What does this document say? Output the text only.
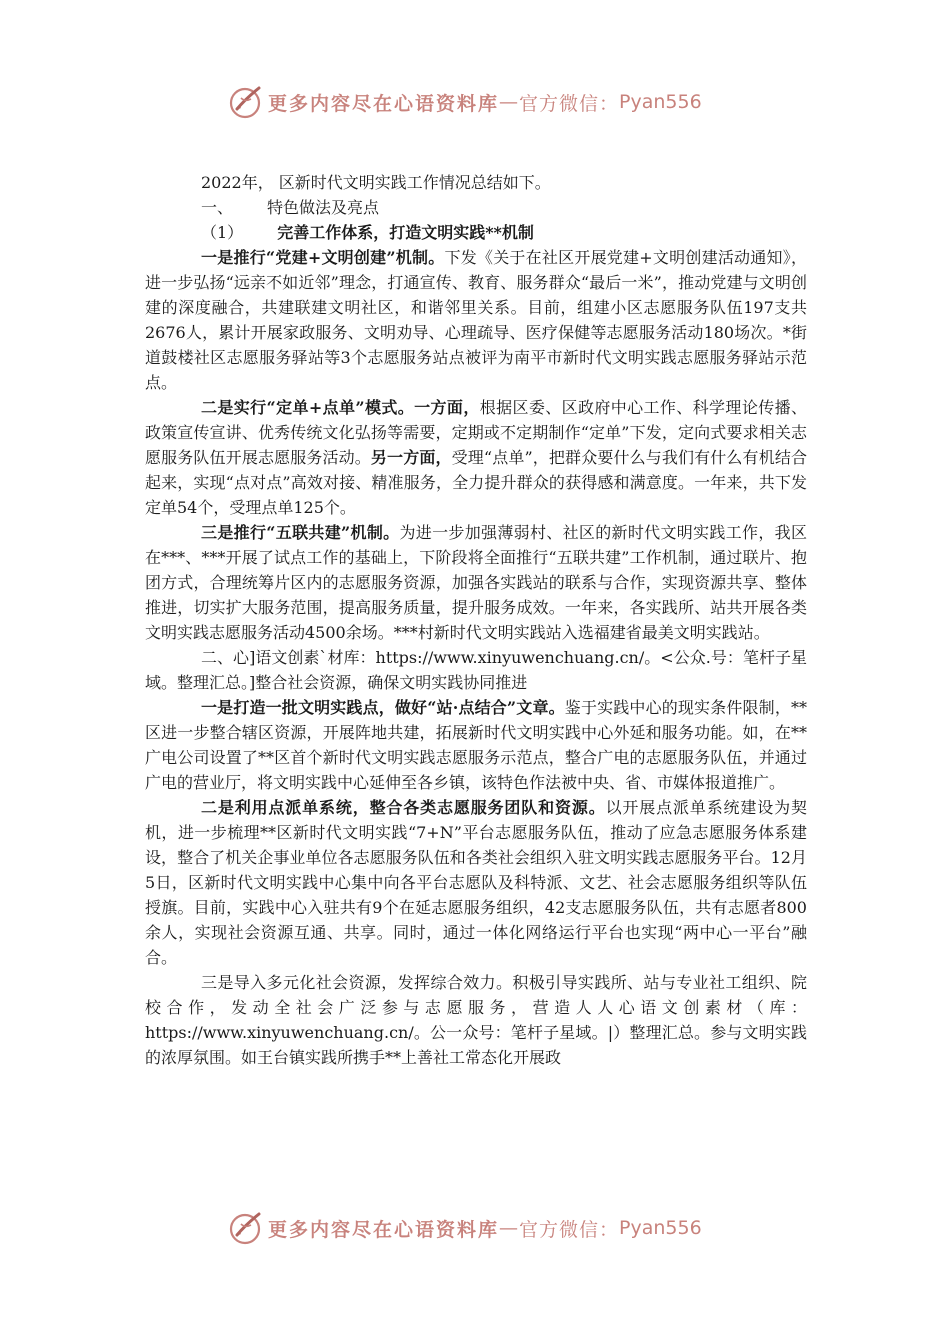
更多内容尽在心语资料库 — 官方微信： Pyan556

2022年， 区新时代文明实践工作情况总结如下。

一、 特色做法及亮点

（1） 完善工作体系，打造文明实践**机制

一是推行“党建+文明创建”机制。下发《关于在社区开展党建+文明创建活动通知》，进一步弘扬“远亲不如近邻”理念，打通宣传、教育、服务群众“最后一米”，推动党建与文明创建的深度融合，共建联建文明社区，和谐邻里关系。目前，组建小区志愿服务队伍197支共2676人，累计开展家政服务、文明劝导、心理疏导、医疗保健等志愿服务活动180场次。*街道鼓楼社区志愿服务驿站等3个志愿服务站点被评为南平市新时代文明实践志愿服务驿站示范点。

二是实行“定单+点单”模式。一方面，根据区委、区政府中心工作、科学理论传播、政策宣传宣讲、优秀传统文化弘扬等需要，定期或不定期制作“定单”下发，定向式要求相关志愿服务队伍开展志愿服务活动。另一方面，受理“点单”，把群众要什么与我们有什么有机结合起来，实现“点对点”高效对接、精准服务，全力提升群众的获得感和满意度。一年来，共下发定单54个，受理点单125个。

三是推行“五联共建”机制。为进一步加强薄弱村、社区的新时代文明实践工作，我区在***、***开展了试点工作的基础上，下阶段将全面推行“五联共建”工作机制，通过联片、抱团方式，合理统筹片区内的志愿服务资源，加强各实践站的联系与合作，实现资源共享、整体推进，切实扩大服务范围，提高服务质量，提升服务成效。一年来，各实践所、站共开展各类文明实践志愿服务活动4500余场。***村新时代文明实践站入选福建省最美文明实践站。

二、心]语文创素`材库：https://www.xinyuwenchuang.cn/。<公众.号：笔杆子星域。整理汇总。]整合社会资源，确保文明实践协同推进

一是打造一批文明实践点，做好“站·点结合”文章。鉴于实践中心的现实条件限制，**区进一步整合辖区资源，开展阵地共建，拓展新时代文明实践中心外延和服务功能。如，在**广电公司设置了**区首个新时代文明实践志愿服务示范点，整合广电的志愿服务队伍，并通过广电的营业厅，将文明实践中心延伸至各乡镇，该特色作法被中央、省、市媒体报道推广。

二是利用点派单系统，整合各类志愿服务团队和资源。以开展点派单系统建设为契机，进一步梳理**区新时代文明实践“7+N”平台志愿服务队伍，推动了应急志愿服务体系建设，整合了机关企事业单位各志愿服务队伍和各类社会组织入驻文明实践志愿服务平台。12月5日，区新时代文明实践中心集中向各平台志愿队及科特派、文艺、社会志愿服务组织等队伍授旗。目前，实践中心入驻共有9个在延志愿服务组织，42支志愿服务队伍，共有志愿者800余人，实现社会资源互通、共享。同时，通过一体化网络运行平台也实现“两中心一平台”融合。

三是导入多元化社会资源，发挥综合效力。积极引导实践所、站与专业社工组织、院校合作，发动全社会广泛参与志愿服务，营造人人心语文创素材（库：https://www.xinyuwenchuang.cn/。公一众号：笔杆子星域。|）整理汇总。参与文明实践的浓厚氛围。如王台镇实践所携手**上善社工常态化开展政

更多内容尽在心语资料库 — 官方微信： Pyan556
